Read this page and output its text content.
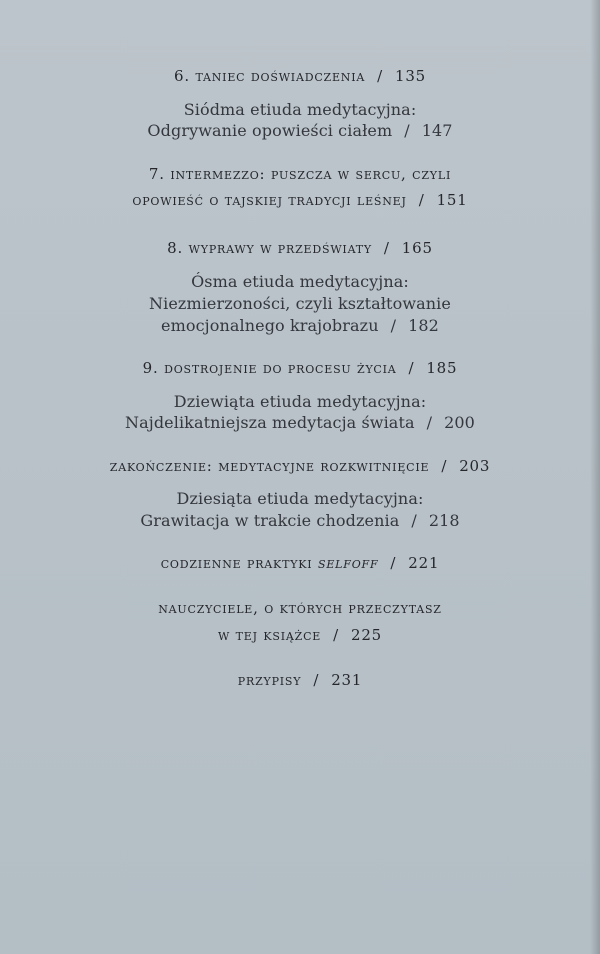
6. taniec doświadczenia / 135
Siódma etiuda medytacyjna:
Odgrywanie opowieści ciałem / 147
7. intermezzo: puszcza w sercu, czyli
opowieść o tajskiej tradycji leśnej / 151
8. wyprawy w przedświaty / 165
Ósma etiuda medytacyjna:
Niezmierzoności, czyli kształtowanie
emocjonalnego krajobrazu / 182
9. dostrojenie do procesu życia / 185
Dziewiąta etiuda medytacyjna:
Najdelikatniejsza medytacja świata / 200
zakończenie: medytacyjne rozkwitnięcie / 203
Dziesiąta etiuda medytacyjna:
Grawitacja w trakcie chodzenia / 218
codzienne praktyki selfoff / 221
nauczyciele, o których przeczytasz
w tej książce / 225
przypisy / 231
